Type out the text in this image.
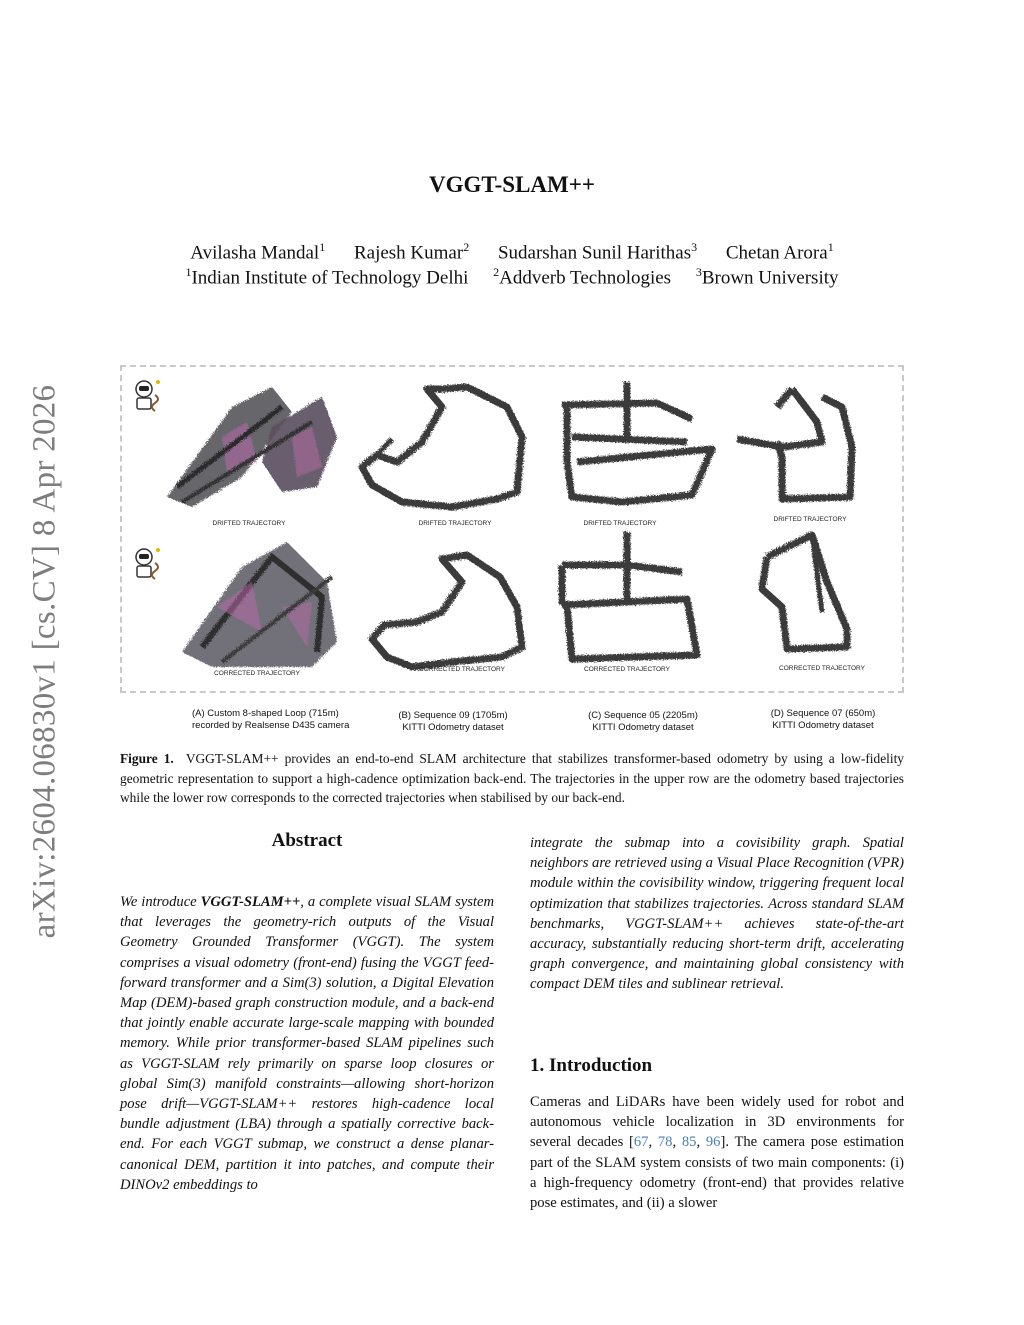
arXiv:2604.06830v1 [cs.CV] 8 Apr 2026
VGGT-SLAM++
Avilasha Mandal$^1$ Rajesh Kumar$^2$ Sudarshan Sunil Harithas$^3$ Chetan Arora$^1$
$^1$Indian Institute of Technology Delhi $^2$Addverb Technologies $^3$Brown University
DRIFTED TRAJECTORY	DRIFTED TRAJECTORY	DRIFTED TRAJECTORY
DRIFTED TRAJECTORY
CORRECTED TRAJECTORY
CORRECTED TRAJECTORY	CORRECTED TRAJECTORY	CORRECTED TRAJECTORY
(A) Custom 8-shaped Loop (715m)
recorded by Realsense D435 camera
(B) Sequence 09 (1705m)
KITTI Odometry dataset
(C) Sequence 05 (2205m)
KITTI Odometry dataset
(D) Sequence 07 (650m)
KITTI Odometry dataset
Figure 1. VGGT-SLAM++ provides an end-to-end SLAM architecture that stabilizes transformer-based odometry by using a low-fidelity geometric representation to support a high-cadence optimization back-end. The trajectories in the upper row are the odometry based trajectories while the lower row corresponds to the corrected trajectories when stabilised by our back-end.
Abstract

We introduce VGGT-SLAM++, a complete visual SLAM system that leverages the geometry-rich outputs of the Visual Geometry Grounded Transformer (VGGT). The system comprises a visual odometry (front-end) fusing the VGGT feed-forward transformer and a Sim(3) solution, a Digital Elevation Map (DEM)-based graph construction module, and a back-end that jointly enable accurate large-scale mapping with bounded memory. While prior transformer-based SLAM pipelines such as VGGT-SLAM rely primarily on sparse loop closures or global Sim(3) manifold constraints—allowing short-horizon pose drift—VGGT-SLAM++ restores high-cadence local bundle adjustment (LBA) through a spatially corrective back-end. For each VGGT submap, we construct a dense planar-canonical DEM, partition it into patches, and compute their DINOv2 embeddings to

integrate the submap into a covisibility graph. Spatial neighbors are retrieved using a Visual Place Recognition (VPR) module within the covisibility window, triggering frequent local optimization that stabilizes trajectories. Across standard SLAM benchmarks, VGGT-SLAM++ achieves state-of-the-art accuracy, substantially reducing short-term drift, accelerating graph convergence, and maintaining global consistency with compact DEM tiles and sublinear retrieval.

1. Introduction

Cameras and LiDARs have been widely used for robot and autonomous vehicle localization in 3D environments for several decades [67, 78, 85, 96]. The camera pose estimation part of the SLAM system consists of two main components: (i) a high-frequency odometry (front-end) that provides relative pose estimates, and (ii) a slower
